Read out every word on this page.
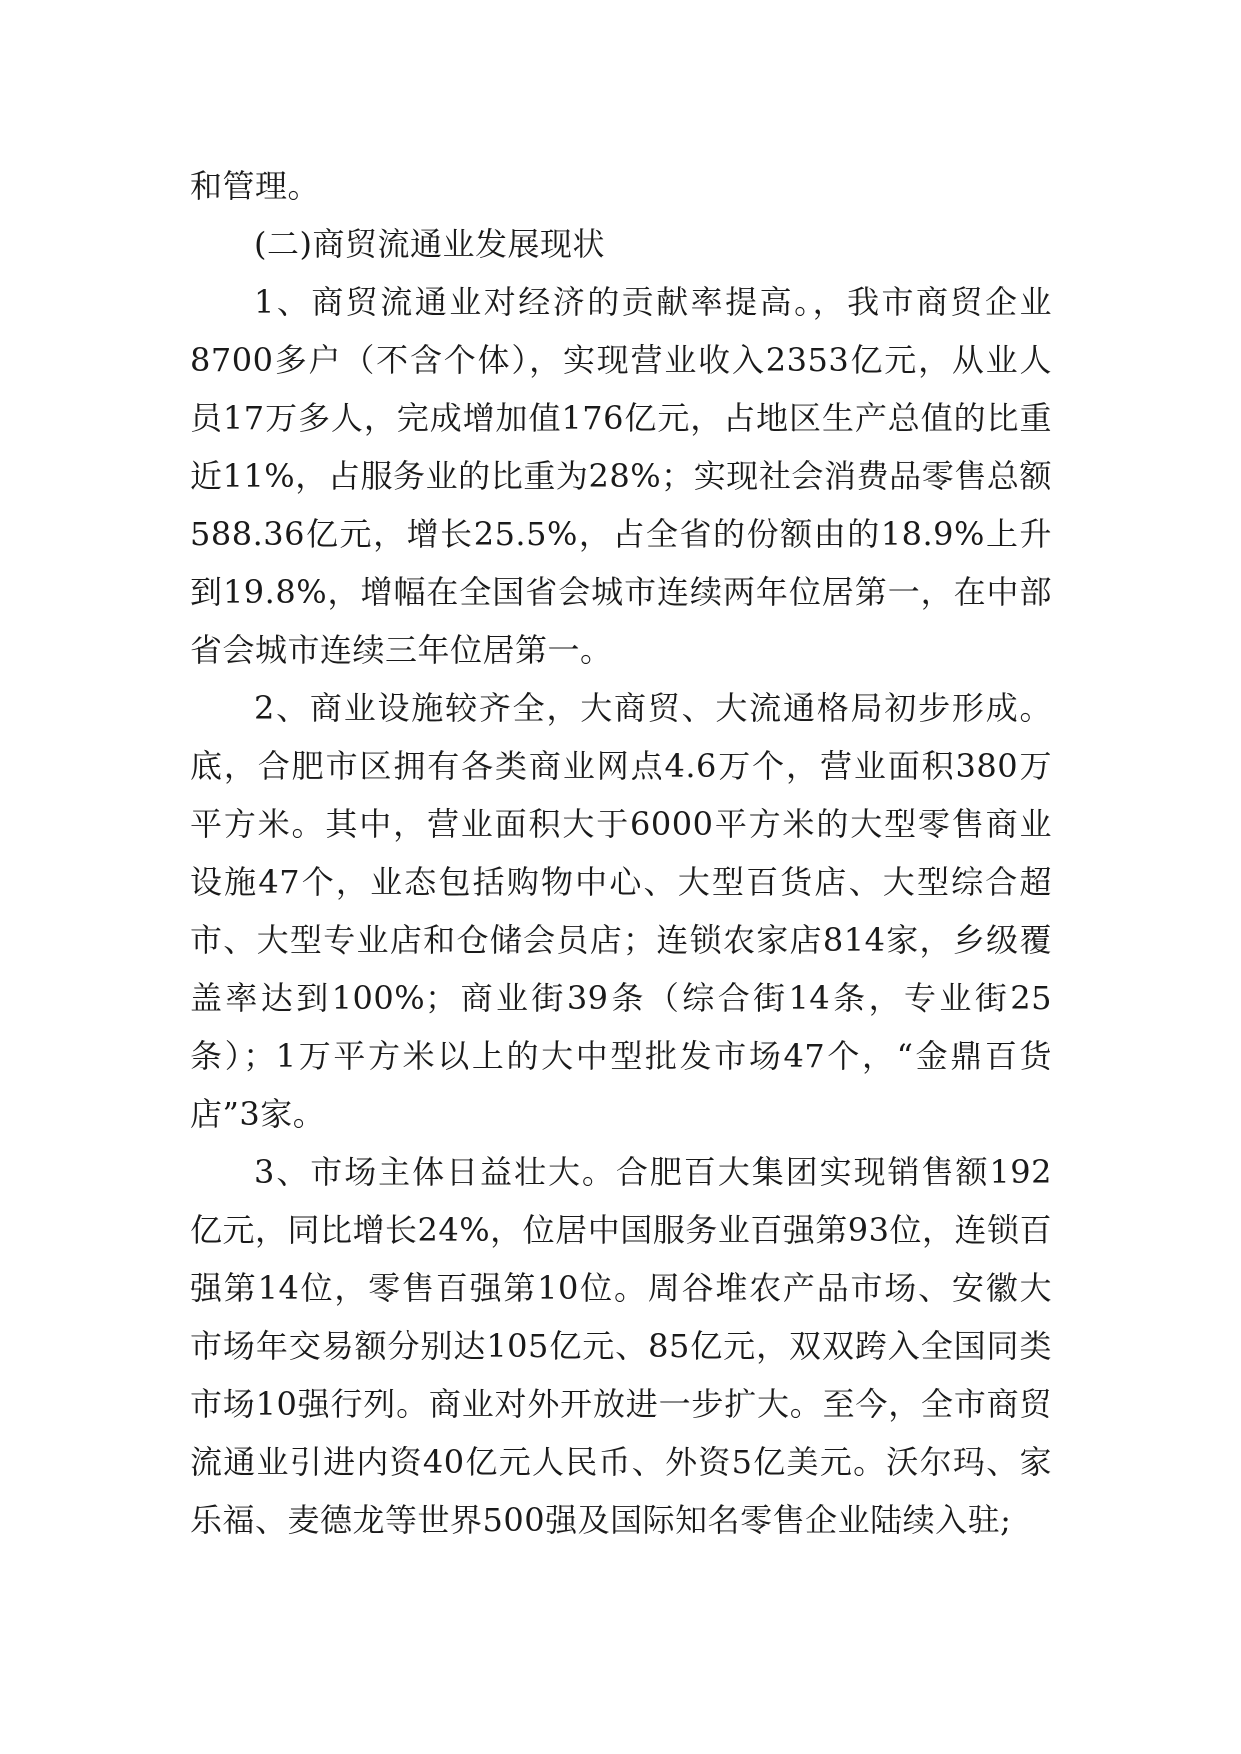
和管理。

(二)商贸流通业发展现状

1、商贸流通业对经济的贡献率提高。，我市商贸企业8700多户（不含个体），实现营业收入2353亿元，从业人员17万多人，完成增加值176亿元，占地区生产总值的比重近11%，占服务业的比重为28%；实现社会消费品零售总额588.36亿元，增长25.5%，占全省的份额由的18.9%上升到19.8%，增幅在全国省会城市连续两年位居第一，在中部省会城市连续三年位居第一。

2、商业设施较齐全，大商贸、大流通格局初步形成。底，合肥市区拥有各类商业网点4.6万个，营业面积380万平方米。其中，营业面积大于6000平方米的大型零售商业设施47个，业态包括购物中心、大型百货店、大型综合超市、大型专业店和仓储会员店；连锁农家店814家，乡级覆盖率达到100%；商业街39条（综合街14条，专业街25条）；1万平方米以上的大中型批发市场47个，“金鼎百货店”3家。

3、市场主体日益壮大。合肥百大集团实现销售额192亿元，同比增长24%，位居中国服务业百强第93位，连锁百强第14位，零售百强第10位。周谷堆农产品市场、安徽大市场年交易额分别达105亿元、85亿元，双双跨入全国同类市场10强行列。商业对外开放进一步扩大。至今，全市商贸流通业引进内资40亿元人民币、外资5亿美元。沃尔玛、家乐福、麦德龙等世界500强及国际知名零售企业陆续入驻;
